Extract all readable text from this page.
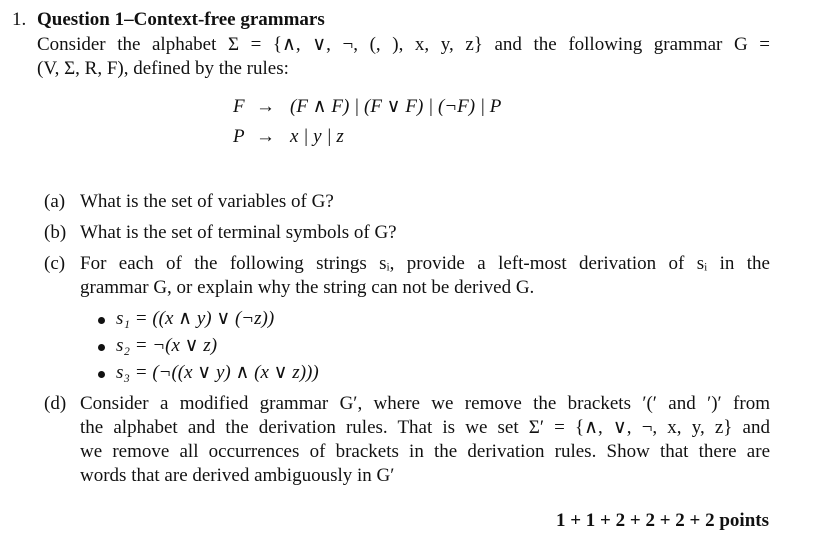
1. Question 1–Context-free grammars
Consider the alphabet Σ = {∧, ∨, ¬, (, ), x, y, z} and the following grammar G =
(V, Σ, R, F), defined by the rules:
F → (F ∧ F) | (F ∨ F) | (¬F) | P
P → x | y | z
(a) What is the set of variables of G?
(b) What is the set of terminal symbols of G?
(c) For each of the following strings sᵢ, provide a left-most derivation of sᵢ in the
grammar G, or explain why the string can not be derived G.
s₁ = ((x ∧ y) ∨ (¬z))
s₂ = ¬(x ∨ z)
s₃ = (¬((x ∨ y) ∧ (x ∨ z)))
(d) Consider a modified grammar G′, where we remove the brackets ′(′ and ′)′ from
the alphabet and the derivation rules. That is we set Σ′ = {∧, ∨, ¬, x, y, z} and
we remove all occurrences of brackets in the derivation rules. Show that there are
words that are derived ambiguously in G′
1 + 1 + 2 + 2 + 2 + 2 points
